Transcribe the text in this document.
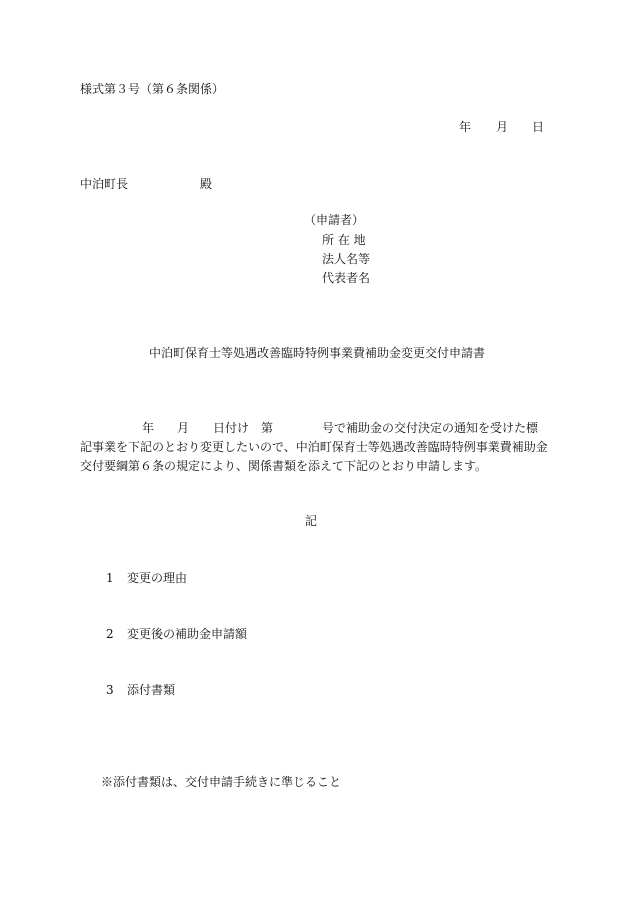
様式第３号（第６条関係）
年 月 日
中泊町長	殿
（申請者）
所 在 地
法人名等
代表者名
中泊町保育士等処遇改善臨時特例事業費補助金変更交付申請書
年 月 日付け 第	号で補助金の交付決定の通知を受けた標
記事業を下記のとおり変更したいので、中泊町保育士等処遇改善臨時特例事業費補助金
交付要綱第６条の規定により、関係書類を添えて下記のとおり申請します。
記
1 変更の理由
2 変更後の補助金申請額
3 添付書類
※添付書類は、交付申請手続きに準じること
